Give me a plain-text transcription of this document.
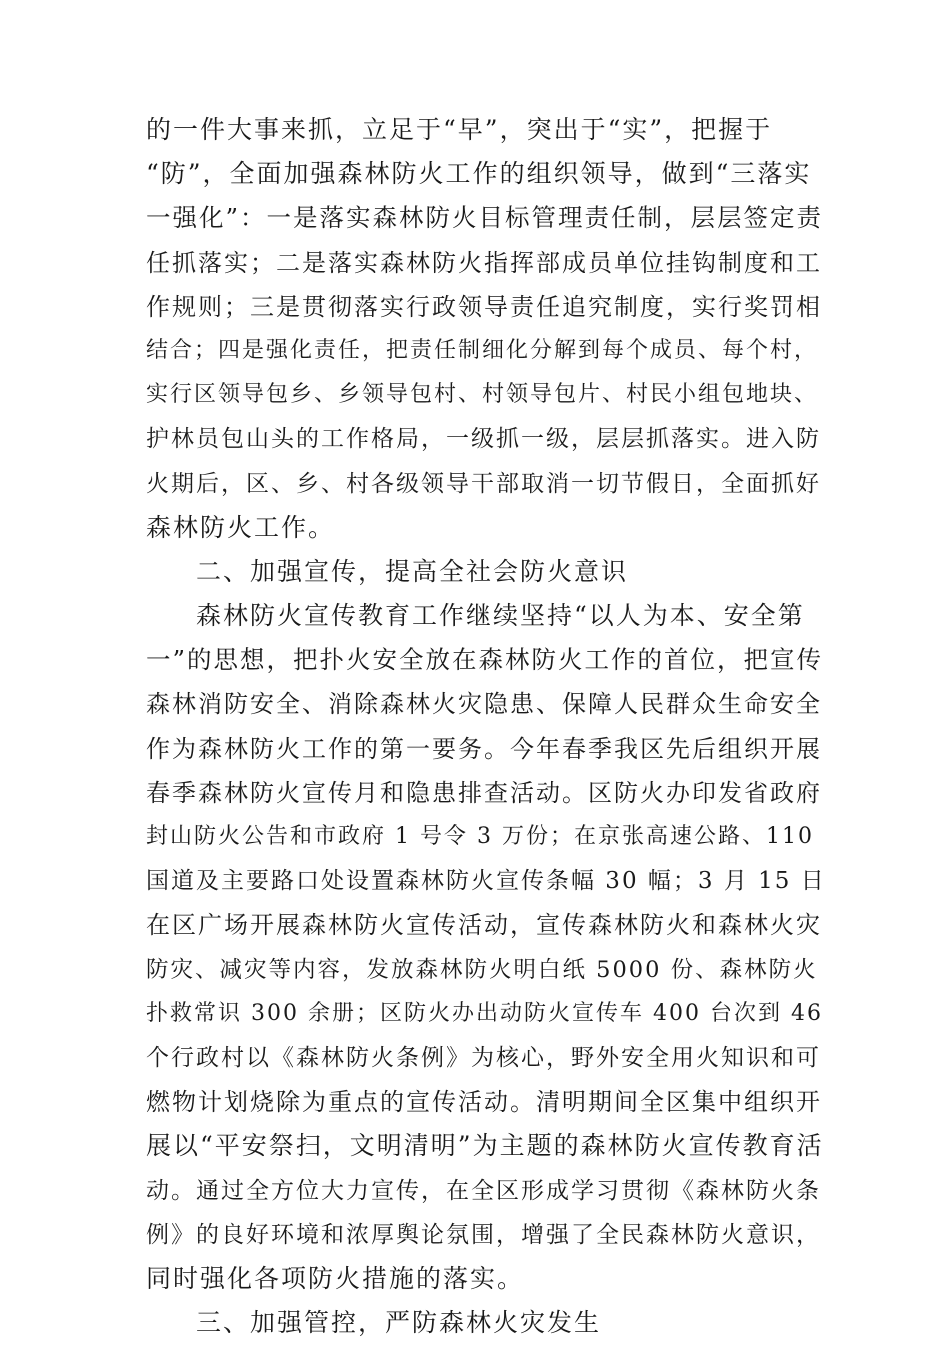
的一件大事来抓，立足于“早”，突出于“实”，把握于
“防”，全面加强森林防火工作的组织领导，做到“三落实
一强化”：一是落实森林防火目标管理责任制，层层签定责
任抓落实；二是落实森林防火指挥部成员单位挂钩制度和工
作规则；三是贯彻落实行政领导责任追究制度，实行奖罚相
结合；四是强化责任，把责任制细化分解到每个成员、每个村，
实行区领导包乡、乡领导包村、村领导包片、村民小组包地块、
护林员包山头的工作格局，一级抓一级，层层抓落实。进入防
火期后，区、乡、村各级领导干部取消一切节假日，全面抓好
森林防火工作。
二、加强宣传，提高全社会防火意识
森林防火宣传教育工作继续坚持“以人为本、安全第
一”的思想，把扑火安全放在森林防火工作的首位，把宣传
森林消防安全、消除森林火灾隐患、保障人民群众生命安全
作为森林防火工作的第一要务。今年春季我区先后组织开展
春季森林防火宣传月和隐患排查活动。区防火办印发省政府
封山防火公告和市政府 1 号令 3 万份；在京张高速公路、110
国道及主要路口处设置森林防火宣传条幅 30 幅；3 月 15 日
在区广场开展森林防火宣传活动，宣传森林防火和森林火灾
防灾、减灾等内容，发放森林防火明白纸 5000 份、森林防火
扑救常识 300 余册；区防火办出动防火宣传车 400 台次到 46
个行政村以《森林防火条例》为核心，野外安全用火知识和可
燃物计划烧除为重点的宣传活动。清明期间全区集中组织开
展以“平安祭扫，文明清明”为主题的森林防火宣传教育活
动。通过全方位大力宣传，在全区形成学习贯彻《森林防火条
例》的良好环境和浓厚舆论氛围，增强了全民森林防火意识，
同时强化各项防火措施的落实。
三、加强管控，严防森林火灾发生
